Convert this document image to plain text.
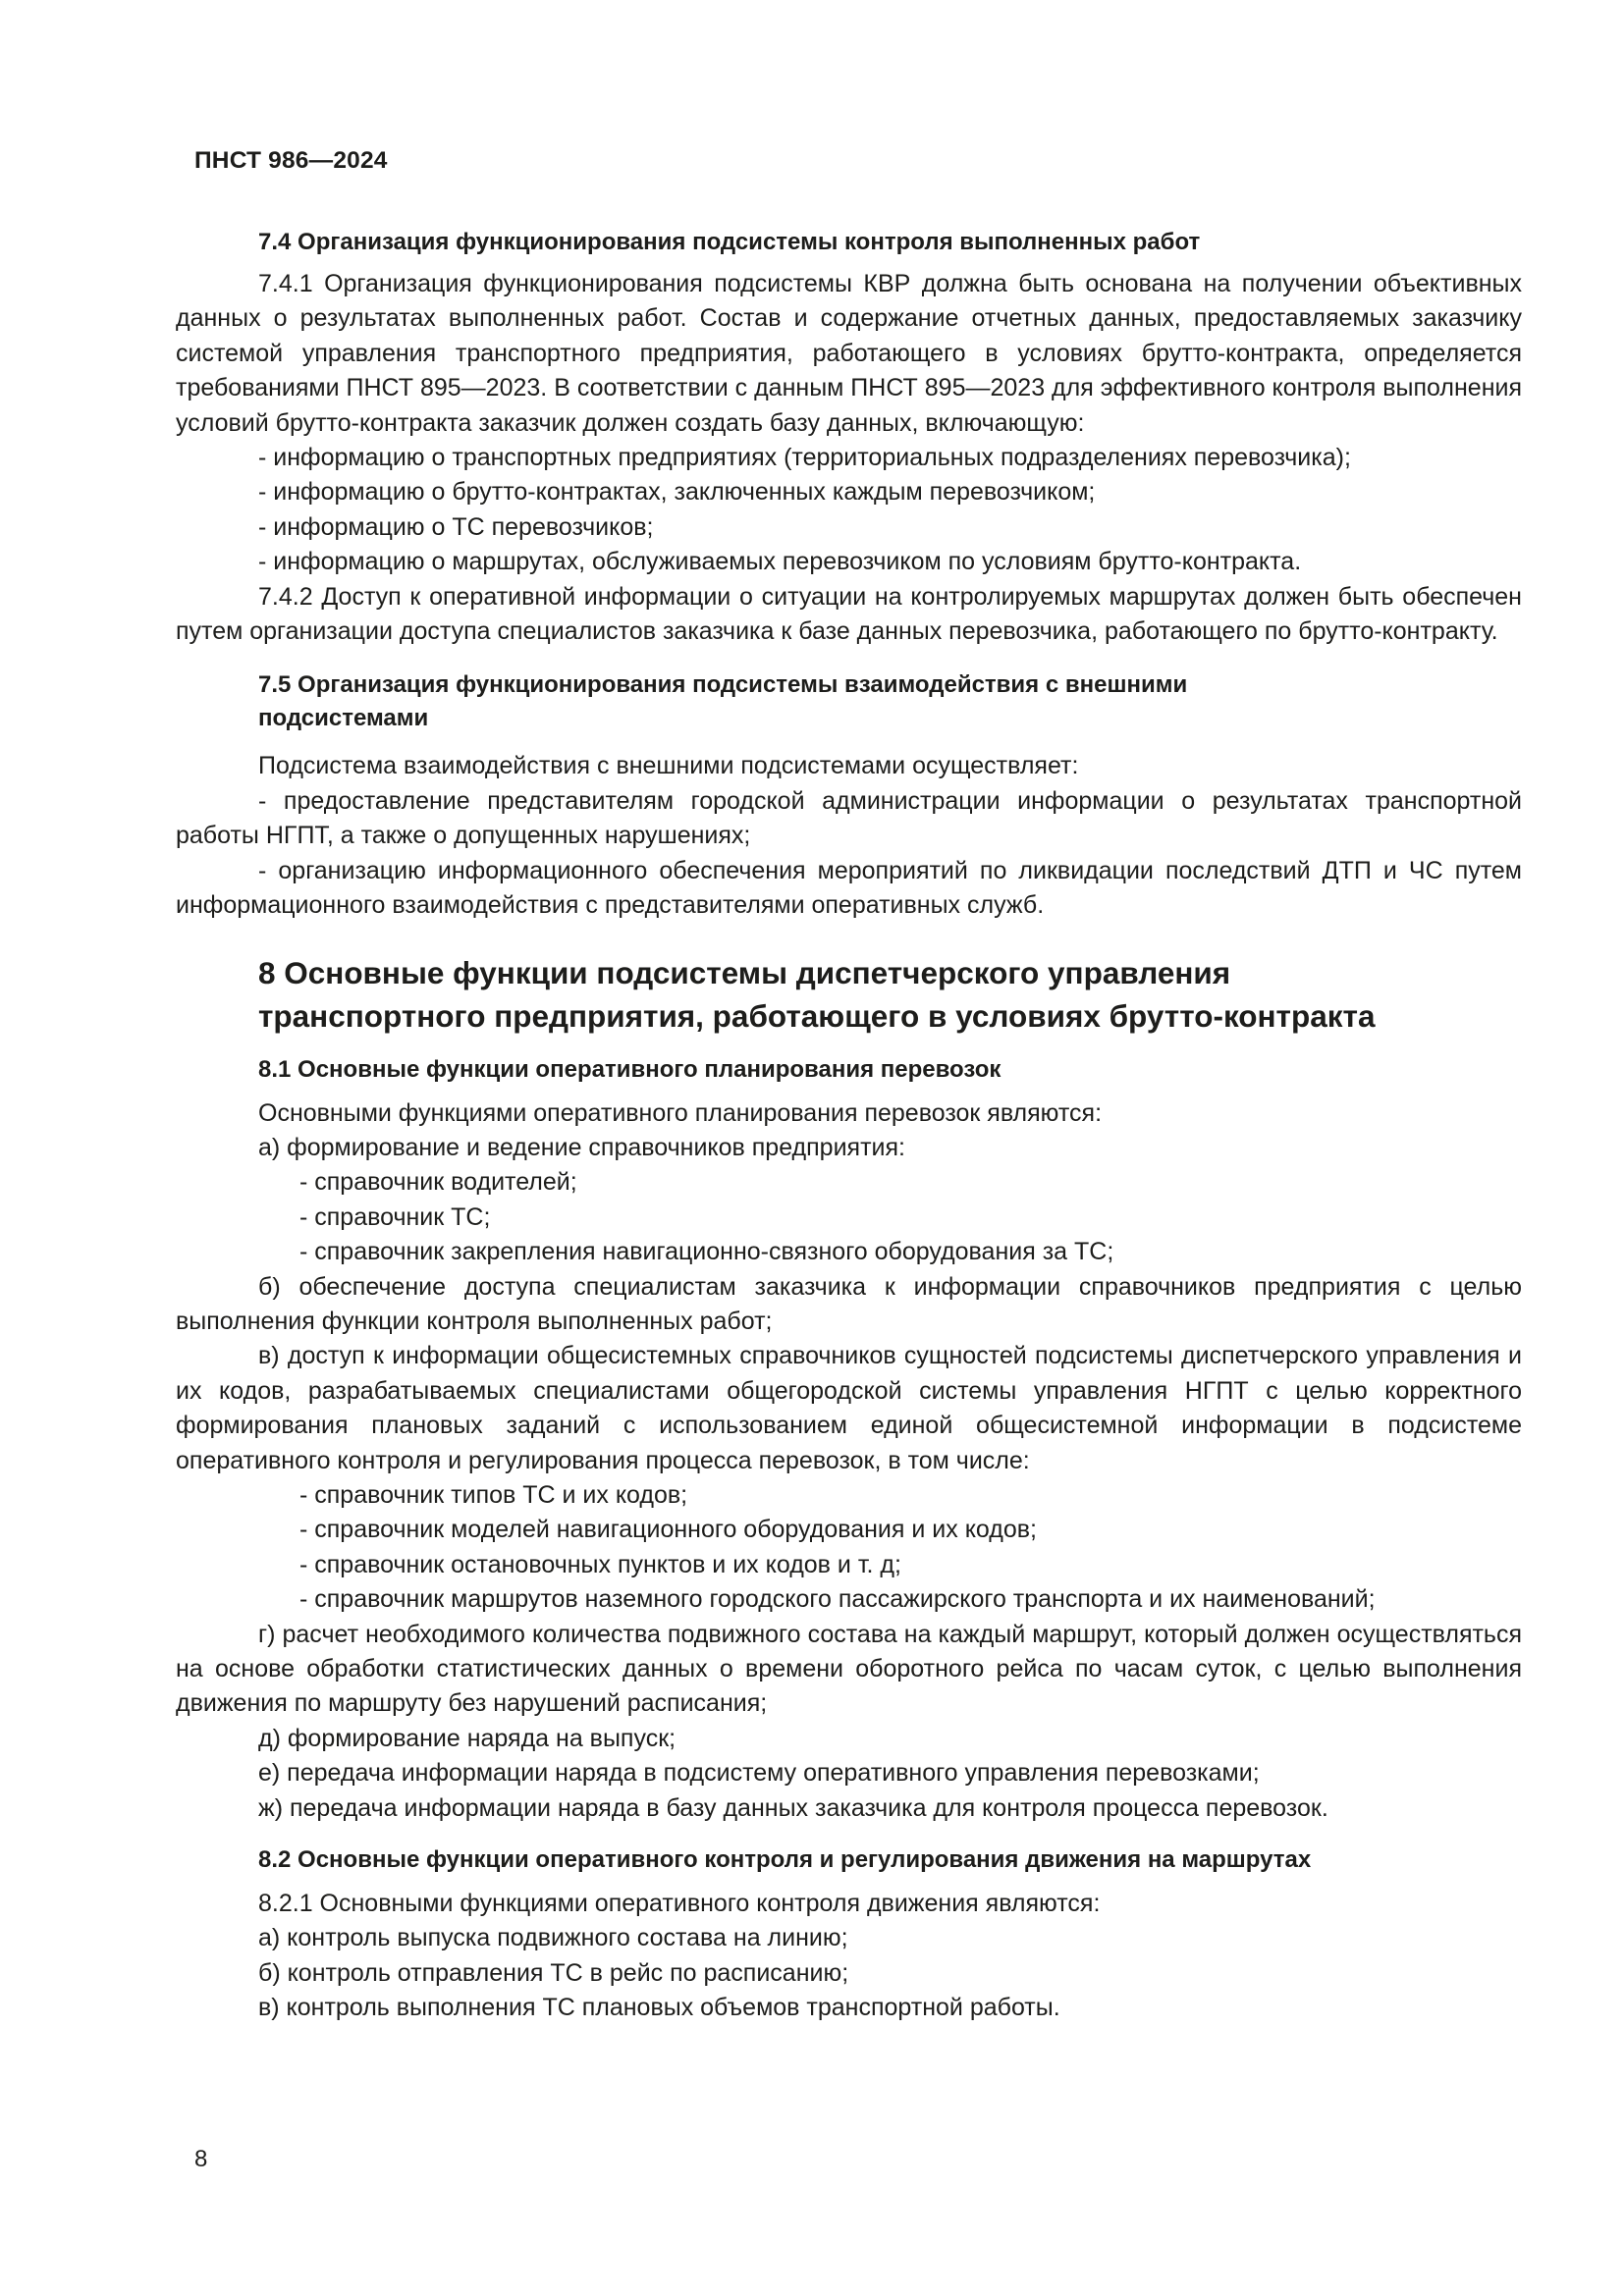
ПНСТ 986—2024

7.4 Организация функционирования подсистемы контроля выполненных работ

7.4.1 Организация функционирования подсистемы КВР должна быть основана на получении объективных данных о результатах выполненных работ. Состав и содержание отчетных данных, предоставляемых заказчику системой управления транспортного предприятия, работающего в условиях брутто-контракта, определяется требованиями ПНСТ 895—2023. В соответствии с данным ПНСТ 895—2023 для эффективного контроля выполнения условий брутто-контракта заказчик должен создать базу данных, включающую:

- информацию о транспортных предприятиях (территориальных подразделениях перевозчика);

- информацию о брутто-контрактах, заключенных каждым перевозчиком;

- информацию о ТС перевозчиков;

- информацию о маршрутах, обслуживаемых перевозчиком по условиям брутто-контракта.

7.4.2 Доступ к оперативной информации о ситуации на контролируемых маршрутах должен быть обеспечен путем организации доступа специалистов заказчика к базе данных перевозчика, работающего по брутто-контракту.

7.5 Организация функционирования подсистемы взаимодействия с внешними

подсистемами

Подсистема взаимодействия с внешними подсистемами осуществляет:

- предоставление представителям городской администрации информации о результатах транспортной работы НГПТ, а также о допущенных нарушениях;

- организацию информационного обеспечения мероприятий по ликвидации последствий ДТП и ЧС путем информационного взаимодействия с представителями оперативных служб.

8 Основные функции подсистемы диспетчерского управления

транспортного предприятия, работающего в условиях брутто-контракта

8.1 Основные функции оперативного планирования перевозок

Основными функциями оперативного планирования перевозок являются:

а) формирование и ведение справочников предприятия:

- справочник водителей;

- справочник ТС;

- справочник закрепления навигационно-связного оборудования за ТС;

б) обеспечение доступа специалистам заказчика к информации справочников предприятия с целью выполнения функции контроля выполненных работ;

в) доступ к информации общесистемных справочников сущностей подсистемы диспетчерского управления и их кодов, разрабатываемых специалистами общегородской системы управления НГПТ с целью корректного формирования плановых заданий с использованием единой общесистемной информации в подсистеме оперативного контроля и регулирования процесса перевозок, в том числе:

- справочник типов ТС и их кодов;

- справочник моделей навигационного оборудования и их кодов;

- справочник остановочных пунктов и их кодов и т. д;

- справочник маршрутов наземного городского пассажирского транспорта и их наименований;

г) расчет необходимого количества подвижного состава на каждый маршрут, который должен осуществляться на основе обработки статистических данных о времени оборотного рейса по часам суток, с целью выполнения движения по маршруту без нарушений расписания;

д) формирование наряда на выпуск;

е) передача информации наряда в подсистему оперативного управления перевозками;

ж) передача информации наряда в базу данных заказчика для контроля процесса перевозок.

8.2 Основные функции оперативного контроля и регулирования движения на маршрутах

8.2.1 Основными функциями оперативного контроля движения являются:

а) контроль выпуска подвижного состава на линию;

б) контроль отправления ТС в рейс по расписанию;

в) контроль выполнения ТС плановых объемов транспортной работы.

8
